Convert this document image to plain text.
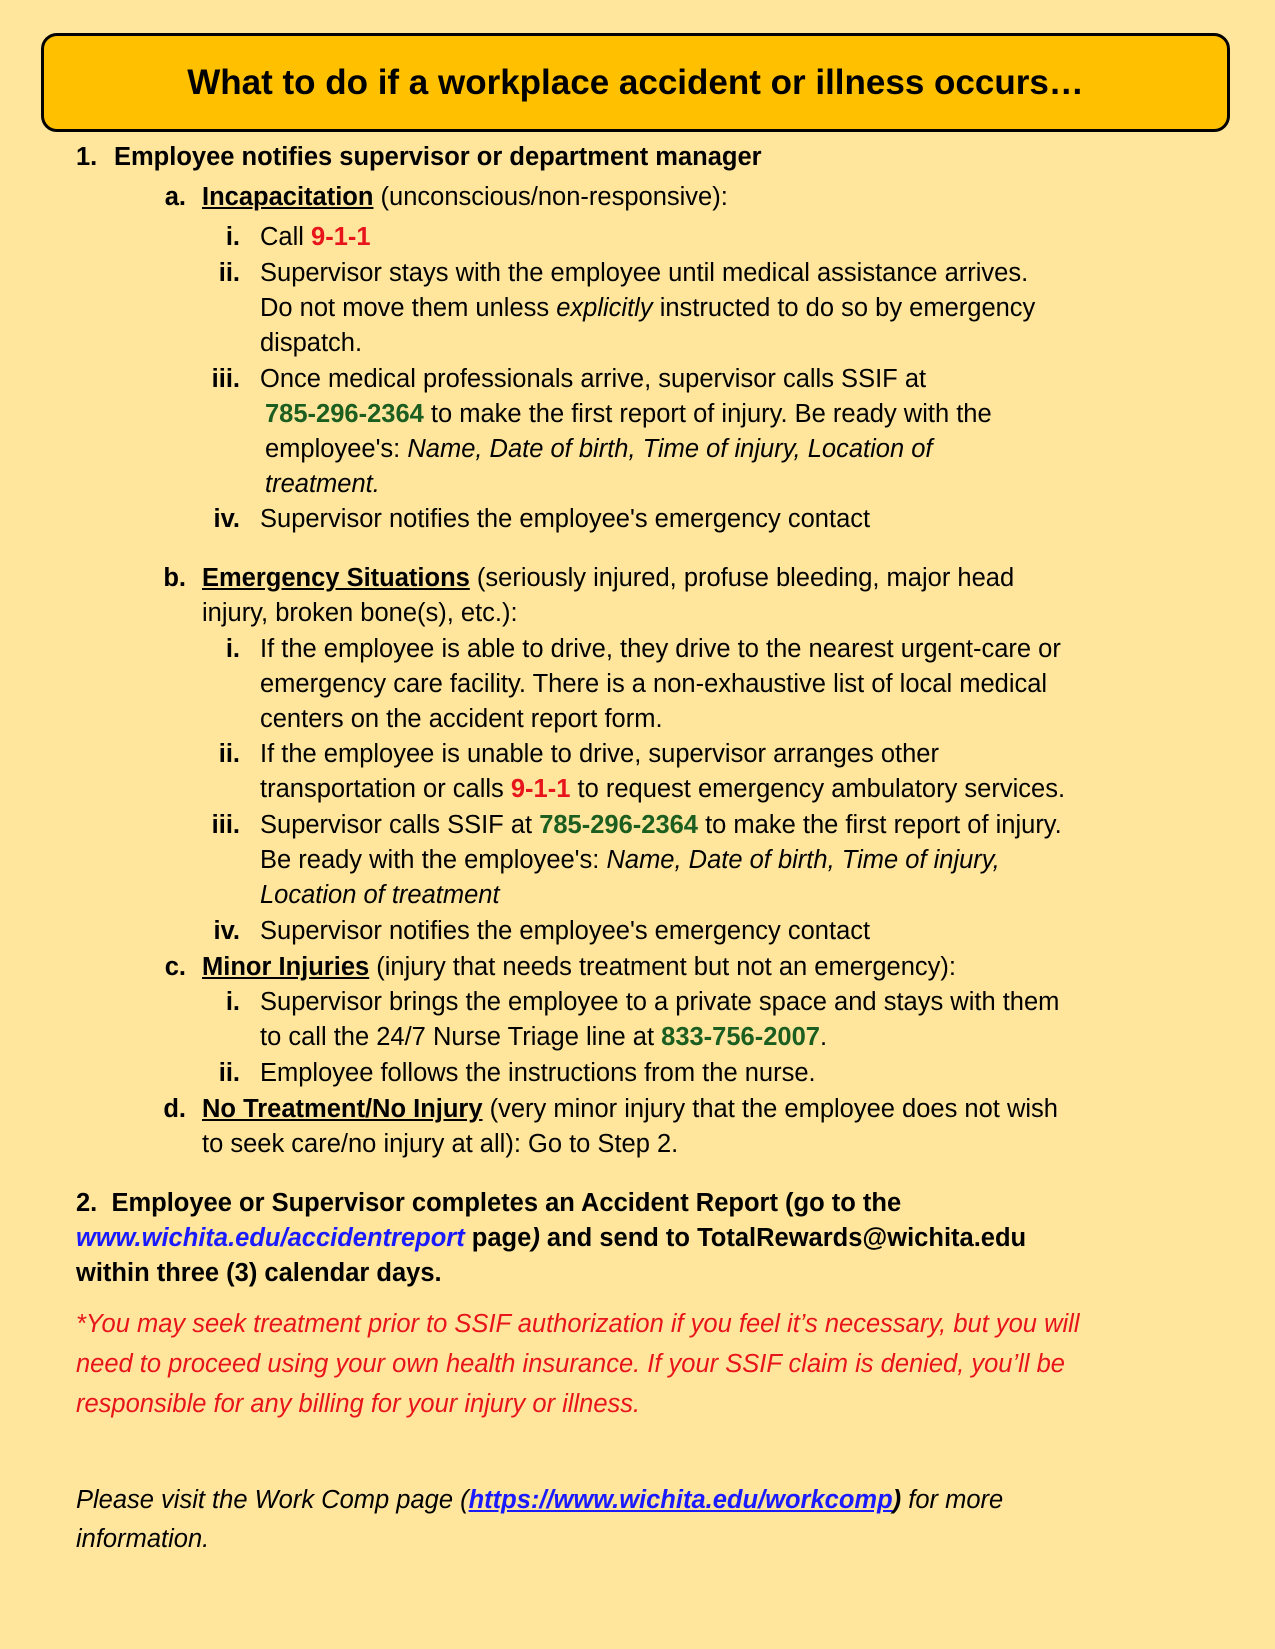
What to do if a workplace accident or illness occurs…
1. Employee notifies supervisor or department manager
a. Incapacitation (unconscious/non-responsive):
i. Call 9-1-1
ii. Supervisor stays with the employee until medical assistance arrives.
Do not move them unless explicitly instructed to do so by emergency
dispatch.
iii. Once medical professionals arrive, supervisor calls SSIF at
785-296-2364 to make the first report of injury. Be ready with the
employee's: Name, Date of birth, Time of injury, Location of
treatment.
iv. Supervisor notifies the employee's emergency contact
b. Emergency Situations (seriously injured, profuse bleeding, major head
injury, broken bone(s), etc.):
i. If the employee is able to drive, they drive to the nearest urgent-care or
emergency care facility. There is a non-exhaustive list of local medical
centers on the accident report form.
ii. If the employee is unable to drive, supervisor arranges other
transportation or calls 9-1-1 to request emergency ambulatory services.
iii. Supervisor calls SSIF at 785-296-2364 to make the first report of injury.
Be ready with the employee's: Name, Date of birth, Time of injury,
Location of treatment
iv. Supervisor notifies the employee's emergency contact
c. Minor Injuries (injury that needs treatment but not an emergency):
i. Supervisor brings the employee to a private space and stays with them
to call the 24/7 Nurse Triage line at 833-756-2007.
ii. Employee follows the instructions from the nurse.
d. No Treatment/No Injury (very minor injury that the employee does not wish
to seek care/no injury at all): Go to Step 2.
2. Employee or Supervisor completes an Accident Report (go to the
www.wichita.edu/accidentreport page) and send to TotalRewards@wichita.edu
within three (3) calendar days.
*You may seek treatment prior to SSIF authorization if you feel it’s necessary, but you will
need to proceed using your own health insurance. If your SSIF claim is denied, you’ll be
responsible for any billing for your injury or illness.
Please visit the Work Comp page (https://www.wichita.edu/workcomp) for more
information.
